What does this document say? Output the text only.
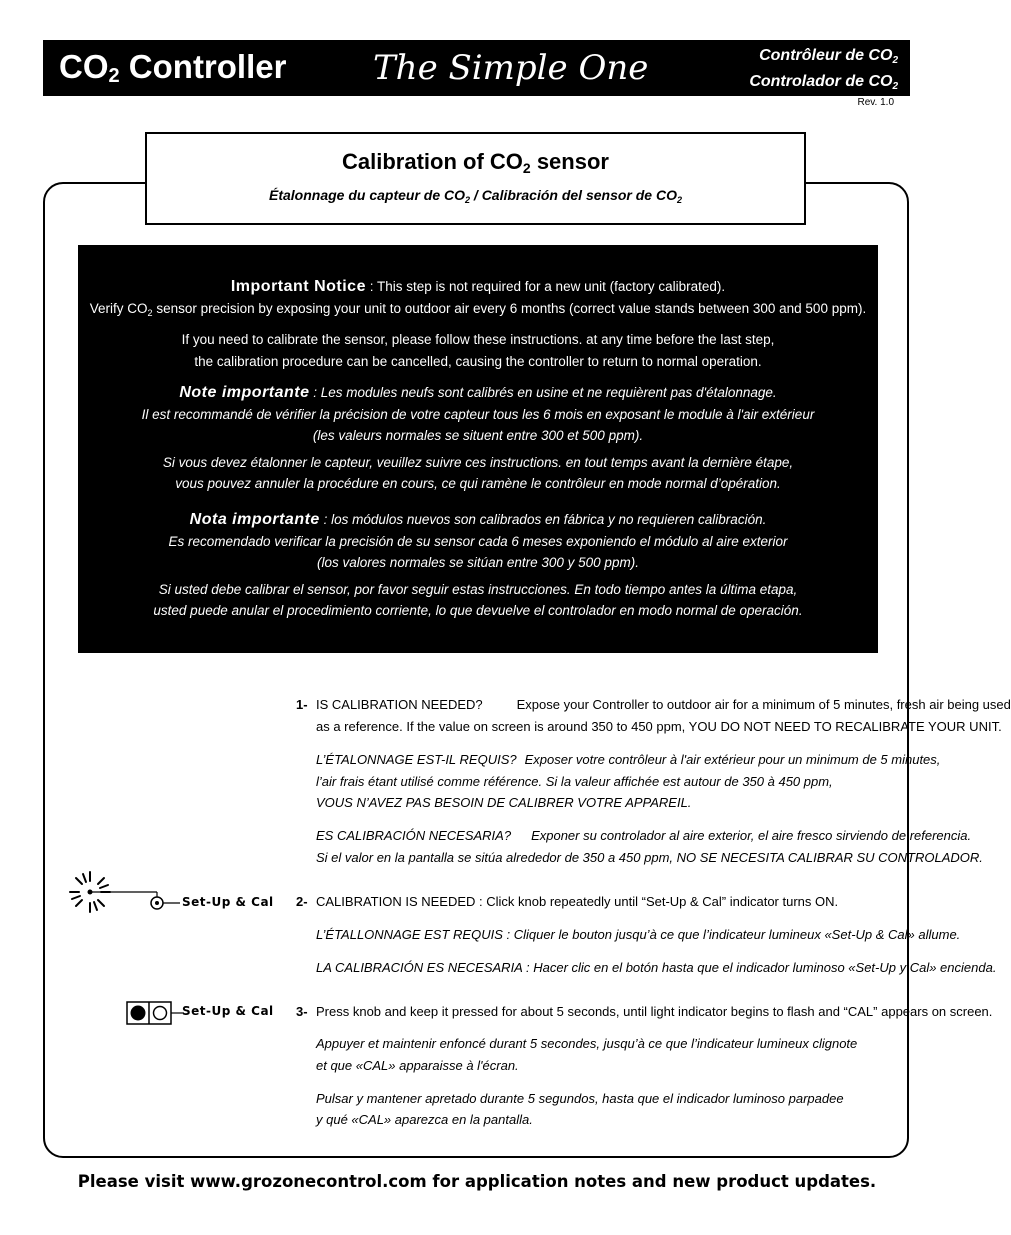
$CO_2$ Controller	The Simple One	Contrôleur de $CO_2$
Controlador de $CO_2$
Rev. 1.0
Calibration of $CO_2$ sensor
Étalonnage du capteur de $CO_2$ / Calibración del sensor de $CO_2$
Important Notice : This step is not required for a new unit (factory calibrated).
Verify $CO_2$ sensor precision by exposing your unit to outdoor air every 6 months (correct value stands between 300 and 500 ppm).
If you need to calibrate the sensor, please follow these instructions. at any time before the last step,
the calibration procedure can be cancelled, causing the controller to return to normal operation.
Note importante : Les modules neufs sont calibrés en usine et ne requièrent pas d'étalonnage.
Il est recommandé de vérifier la précision de votre capteur tous les 6 mois en exposant le module à l'air extérieur
(les valeurs normales se situent entre 300 et 500 ppm).
Si vous devez étalonner le capteur, veuillez suivre ces instructions. en tout temps avant la dernière étape,
vous pouvez annuler la procédure en cours, ce qui ramène le contrôleur en mode normal d’opération.
Nota importante : los módulos nuevos son calibrados en fábrica y no requieren calibración.
Es recomendado verificar la precisión de su sensor cada 6 meses exponiendo el módulo al aire exterior
(los valores normales se sitúan entre 300 y 500 ppm).
Si usted debe calibrar el sensor, por favor seguir estas instrucciones. En todo tiempo antes la última etapa,
usted puede anular el procedimiento corriente, lo que devuelve el controlador en modo normal de operación.
1- IS CALIBRATION NEEDED?	Expose your Controller to outdoor air for a minimum of 5 minutes, fresh air being used
as a reference. If the value on screen is around 350 to 450 ppm, YOU DO NOT NEED TO RECALIBRATE YOUR UNIT.
L’ÉTALONNAGE EST-IL REQUIS? Exposer votre contrôleur à l'air extérieur pour un minimum de 5 minutes,
l’air frais étant utilisé comme référence. Si la valeur affichée est autour de 350 à 450 ppm,
VOUS N’AVEZ PAS BESOIN DE CALIBRER VOTRE APPAREIL.
ES CALIBRACIÓN NECESARIA? Exponer su controlador al aire exterior, el aire fresco sirviendo de referencia.
Si el valor en la pantalla se sitúa alrededor de 350 a 450 ppm, NO SE NECESITA CALIBRAR SU CONTROLADOR.
Set-Up & Cal 2- CALIBRATION IS NEEDED : Click knob repeatedly until “Set-Up & Cal” indicator turns ON.
L’ÉTALLONNAGE EST REQUIS : Cliquer le bouton jusqu’à ce que l’indicateur lumineux «Set-Up & Cal» allume.
LA CALIBRACIÓN ES NECESARIA : Hacer clic en el botón hasta que el indicador luminoso «Set-Up y Cal» encienda.
Set-Up & Cal 3- Press knob and keep it pressed for about 5 seconds, until light indicator begins to flash and “CAL” appears on screen.
Appuyer et maintenir enfoncé durant 5 secondes, jusqu’à ce que l’indicateur lumineux clignote
et que «CAL» apparaisse à l'écran.
Pulsar y mantener apretado durante 5 segundos, hasta que el indicador luminoso parpadee
y qué «CAL» aparezca en la pantalla.
Please visit www.grozonecontrol.com for application notes and new product updates.
